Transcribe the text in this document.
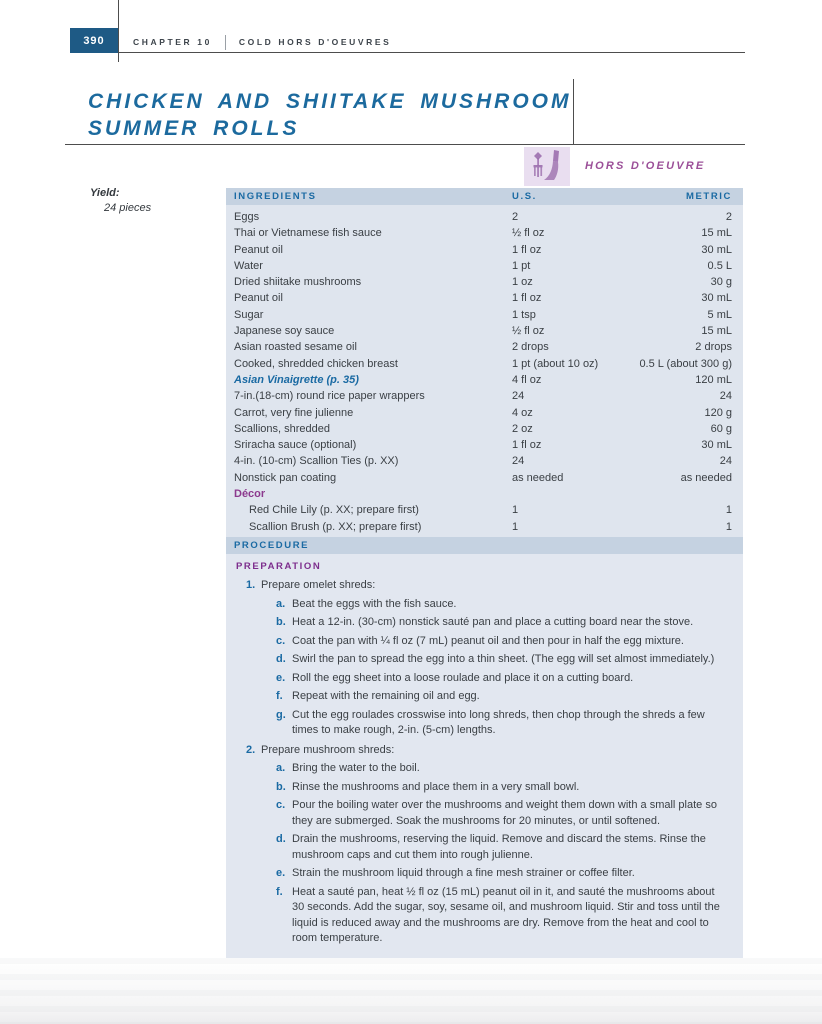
390	CHAPTER 10	COLD HORS D'OEUVRES
CHICKEN AND SHIITAKE MUSHROOM
SUMMER ROLLS
HORS D'OEUVRE
Yield:
24 pieces
INGREDIENTS	U.S.	METRIC
Eggs	2	2
Thai or Vietnamese fish sauce	½ fl oz	15 mL
Peanut oil	1 fl oz	30 mL
Water	1 pt	0.5 L
Dried shiitake mushrooms	1 oz	30 g
Peanut oil	1 fl oz	30 mL
Sugar	1 tsp	5 mL
Japanese soy sauce	½ fl oz	15 mL
Asian roasted sesame oil	2 drops	2 drops
Cooked, shredded chicken breast	1 pt (about 10 oz)	0.5 L (about 300 g)
Asian Vinaigrette (p. 35)	4 fl oz	120 mL
7-in.(18-cm) round rice paper wrappers	24	24
Carrot, very fine julienne	4 oz	120 g
Scallions, shredded	2 oz	60 g
Sriracha sauce (optional)	1 fl oz	30 mL
4-in. (10-cm) Scallion Ties (p. XX)	24	24
Nonstick pan coating	as needed	as needed
Décor
Red Chile Lily (p. XX; prepare first)	1	1
Scallion Brush (p. XX; prepare first)	1	1
PROCEDURE
PREPARATION
1. Prepare omelet shreds:
a. Beat the eggs with the fish sauce.
b. Heat a 12-in. (30-cm) nonstick sauté pan and place a cutting board near the stove.
c. Coat the pan with ¼ fl oz (7 mL) peanut oil and then pour in half the egg mixture.
d. Swirl the pan to spread the egg into a thin sheet. (The egg will set almost immediately.)
e. Roll the egg sheet into a loose roulade and place it on a cutting board.
f. Repeat with the remaining oil and egg.
g. Cut the egg roulades crosswise into long shreds, then chop through the shreds a few times to make rough, 2-in. (5-cm) lengths.
2. Prepare mushroom shreds:
a. Bring the water to the boil.
b. Rinse the mushrooms and place them in a very small bowl.
c. Pour the boiling water over the mushrooms and weight them down with a small plate so they are submerged. Soak the mushrooms for 20 minutes, or until softened.
d. Drain the mushrooms, reserving the liquid. Remove and discard the stems. Rinse the mushroom caps and cut them into rough julienne.
e. Strain the mushroom liquid through a fine mesh strainer or coffee filter.
f. Heat a sauté pan, heat ½ fl oz (15 mL) peanut oil in it, and sauté the mushrooms about 30 seconds. Add the sugar, soy, sesame oil, and mushroom liquid. Stir and toss until the liquid is reduced away and the mushrooms are dry. Remove from the heat and cool to room temperature.
